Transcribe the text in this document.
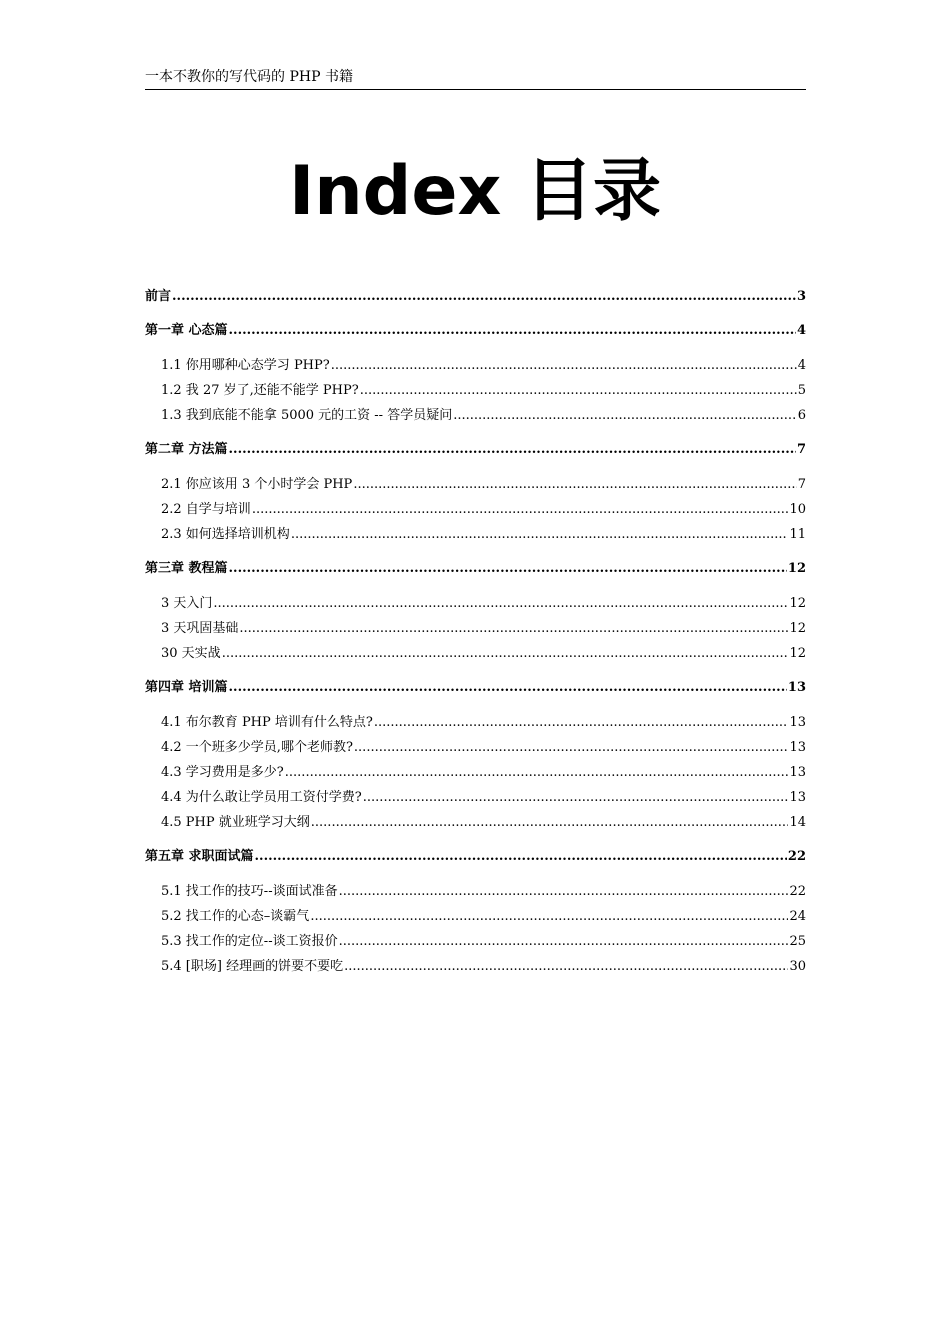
一本不教你的写代码的 PHP 书籍
Index 目录
前言 .....	3
第一章 心态篇 .....	4
1.1 你用哪种心态学习 PHP? .....	4
1.2 我 27 岁了,还能不能学 PHP? .....	5
1.3 我到底能不能拿 5000 元的工资 -- 答学员疑问 .....	6
第二章 方法篇 .....	7
2.1 你应该用 3 个小时学会 PHP .....	7
2.2 自学与培训 .....	10
2.3 如何选择培训机构 .....	11
第三章 教程篇 .....	12
3 天入门 .....	12
3 天巩固基础 .....	12
30 天实战 .....	12
第四章 培训篇 .....	13
4.1 布尔教育 PHP 培训有什么特点? .....	13
4.2 一个班多少学员,哪个老师教? .....	13
4.3 学习费用是多少? .....	13
4.4 为什么敢让学员用工资付学费? .....	13
4.5 PHP 就业班学习大纲 .....	14
第五章 求职面试篇 .....	22
5.1 找工作的技巧--谈面试准备 .....	22
5.2 找工作的心态–谈霸气 .....	24
5.3 找工作的定位--谈工资报价 .....	25
5.4 [职场] 经理画的饼要不要吃 .....	30
